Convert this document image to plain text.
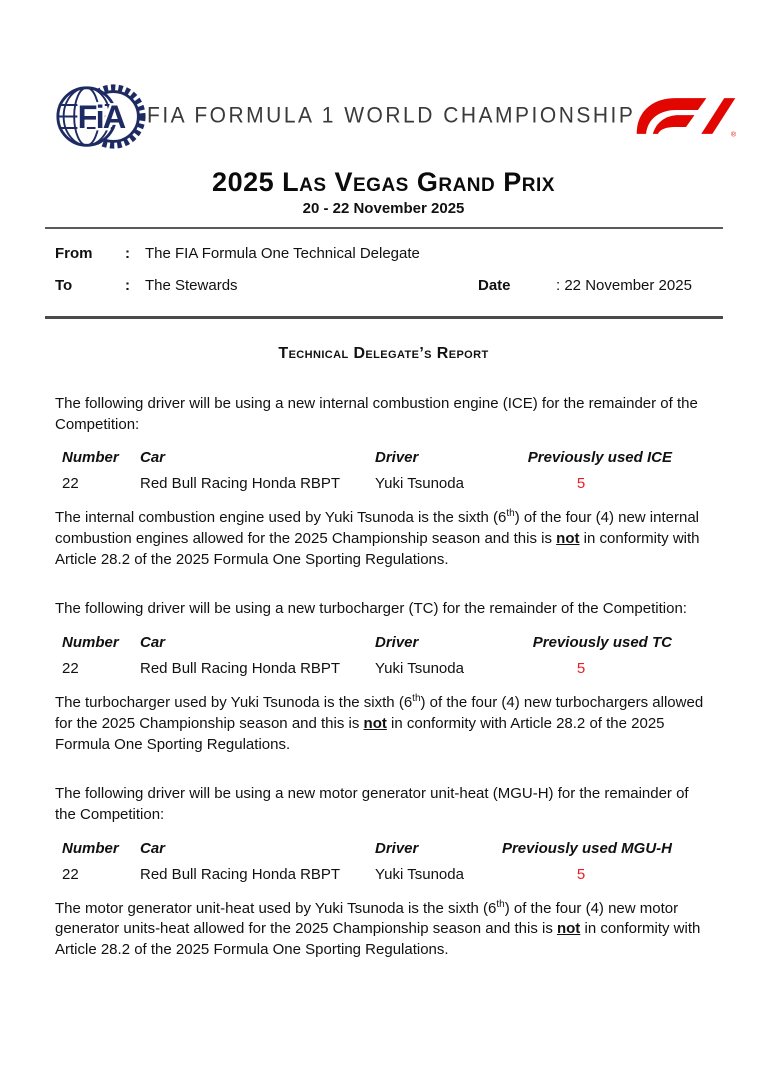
FiA FIA FORMULA 1 WORLD CHAMPIONSHIP
®
2025 Las Vegas Grand Prix
20 - 22 November 2025
From	:	The FIA Formula One Technical Delegate
To	:	The Stewards	Date	: 22 November 2025
Technical Delegate’s Report

The following driver will be using a new internal combustion engine (ICE) for the remainder of the Competition:

Number	Car	Driver	Previously used ICE
22	Red Bull Racing Honda RBPT	Yuki Tsunoda	5

The internal combustion engine used by Yuki Tsunoda is the sixth (6th) of the four (4) new internal combustion engines allowed for the 2025 Championship season and this is not in conformity with Article 28.2 of the 2025 Formula One Sporting Regulations.

The following driver will be using a new turbocharger (TC) for the remainder of the Competition:

Number	Car	Driver	Previously used TC
22	Red Bull Racing Honda RBPT	Yuki Tsunoda	5

The turbocharger used by Yuki Tsunoda is the sixth (6th) of the four (4) new turbochargers allowed for the 2025 Championship season and this is not in conformity with Article 28.2 of the 2025 Formula One Sporting Regulations.

The following driver will be using a new motor generator unit-heat (MGU-H) for the remainder of the Competition:

Number	Car	Driver	Previously used MGU-H
22	Red Bull Racing Honda RBPT	Yuki Tsunoda	5

The motor generator unit-heat used by Yuki Tsunoda is the sixth (6th) of the four (4) new motor generator units-heat allowed for the 2025 Championship season and this is not in conformity with Article 28.2 of the 2025 Formula One Sporting Regulations.
